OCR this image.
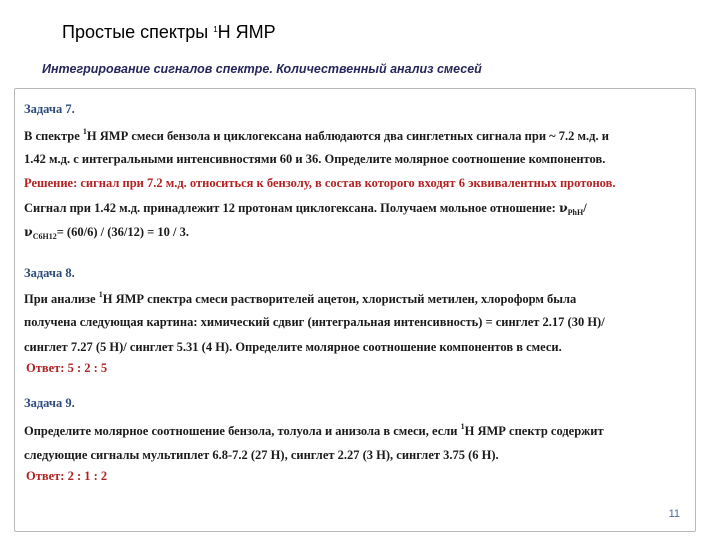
Простые спектры $^1$Н ЯМР
Интегрирование сигналов спектре. Количественный анализ смесей
Задача 7.
В спектре $^1$H ЯМР смеси бензола и циклогексана наблюдаются два синглетных сигнала при ~ 7.2 м.д. и
1.42 м.д. с интегральными интенсивностями 60 и 36. Определите молярное соотношение компонентов.
Решение: сигнал при 7.2 м.д. относиться к бензолу, в состав которого входят 6 эквивалентных протонов.
Сигнал при 1.42 м.д. принадлежит 12 протонам циклогексана. Получаем мольное отношение: $\nu_{PhH}/$
$\nu_{C6H12}= (60/6) / (36/12) = 10 / 3$.
Задача 8.
При анализе $^1$H ЯМР спектра смеси растворителей ацетон, хлористый метилен, хлороформ была
получена следующая картина: химический сдвиг (интегральная интенсивность) = синглет 2.17 (30 H)/
синглет 7.27 (5 H)/ синглет 5.31 (4 H). Определите молярное соотношение компонентов в смеси.
Ответ: 5 : 2 : 5
Задача 9.
Определите молярное соотношение бензола, толуола и анизола в смеси, если $^1$H ЯМР спектр содержит
следующие сигналы мультиплет 6.8-7.2 (27 H), синглет 2.27 (3 H), синглет 3.75 (6 H).
Ответ: 2 : 1 : 2
11
